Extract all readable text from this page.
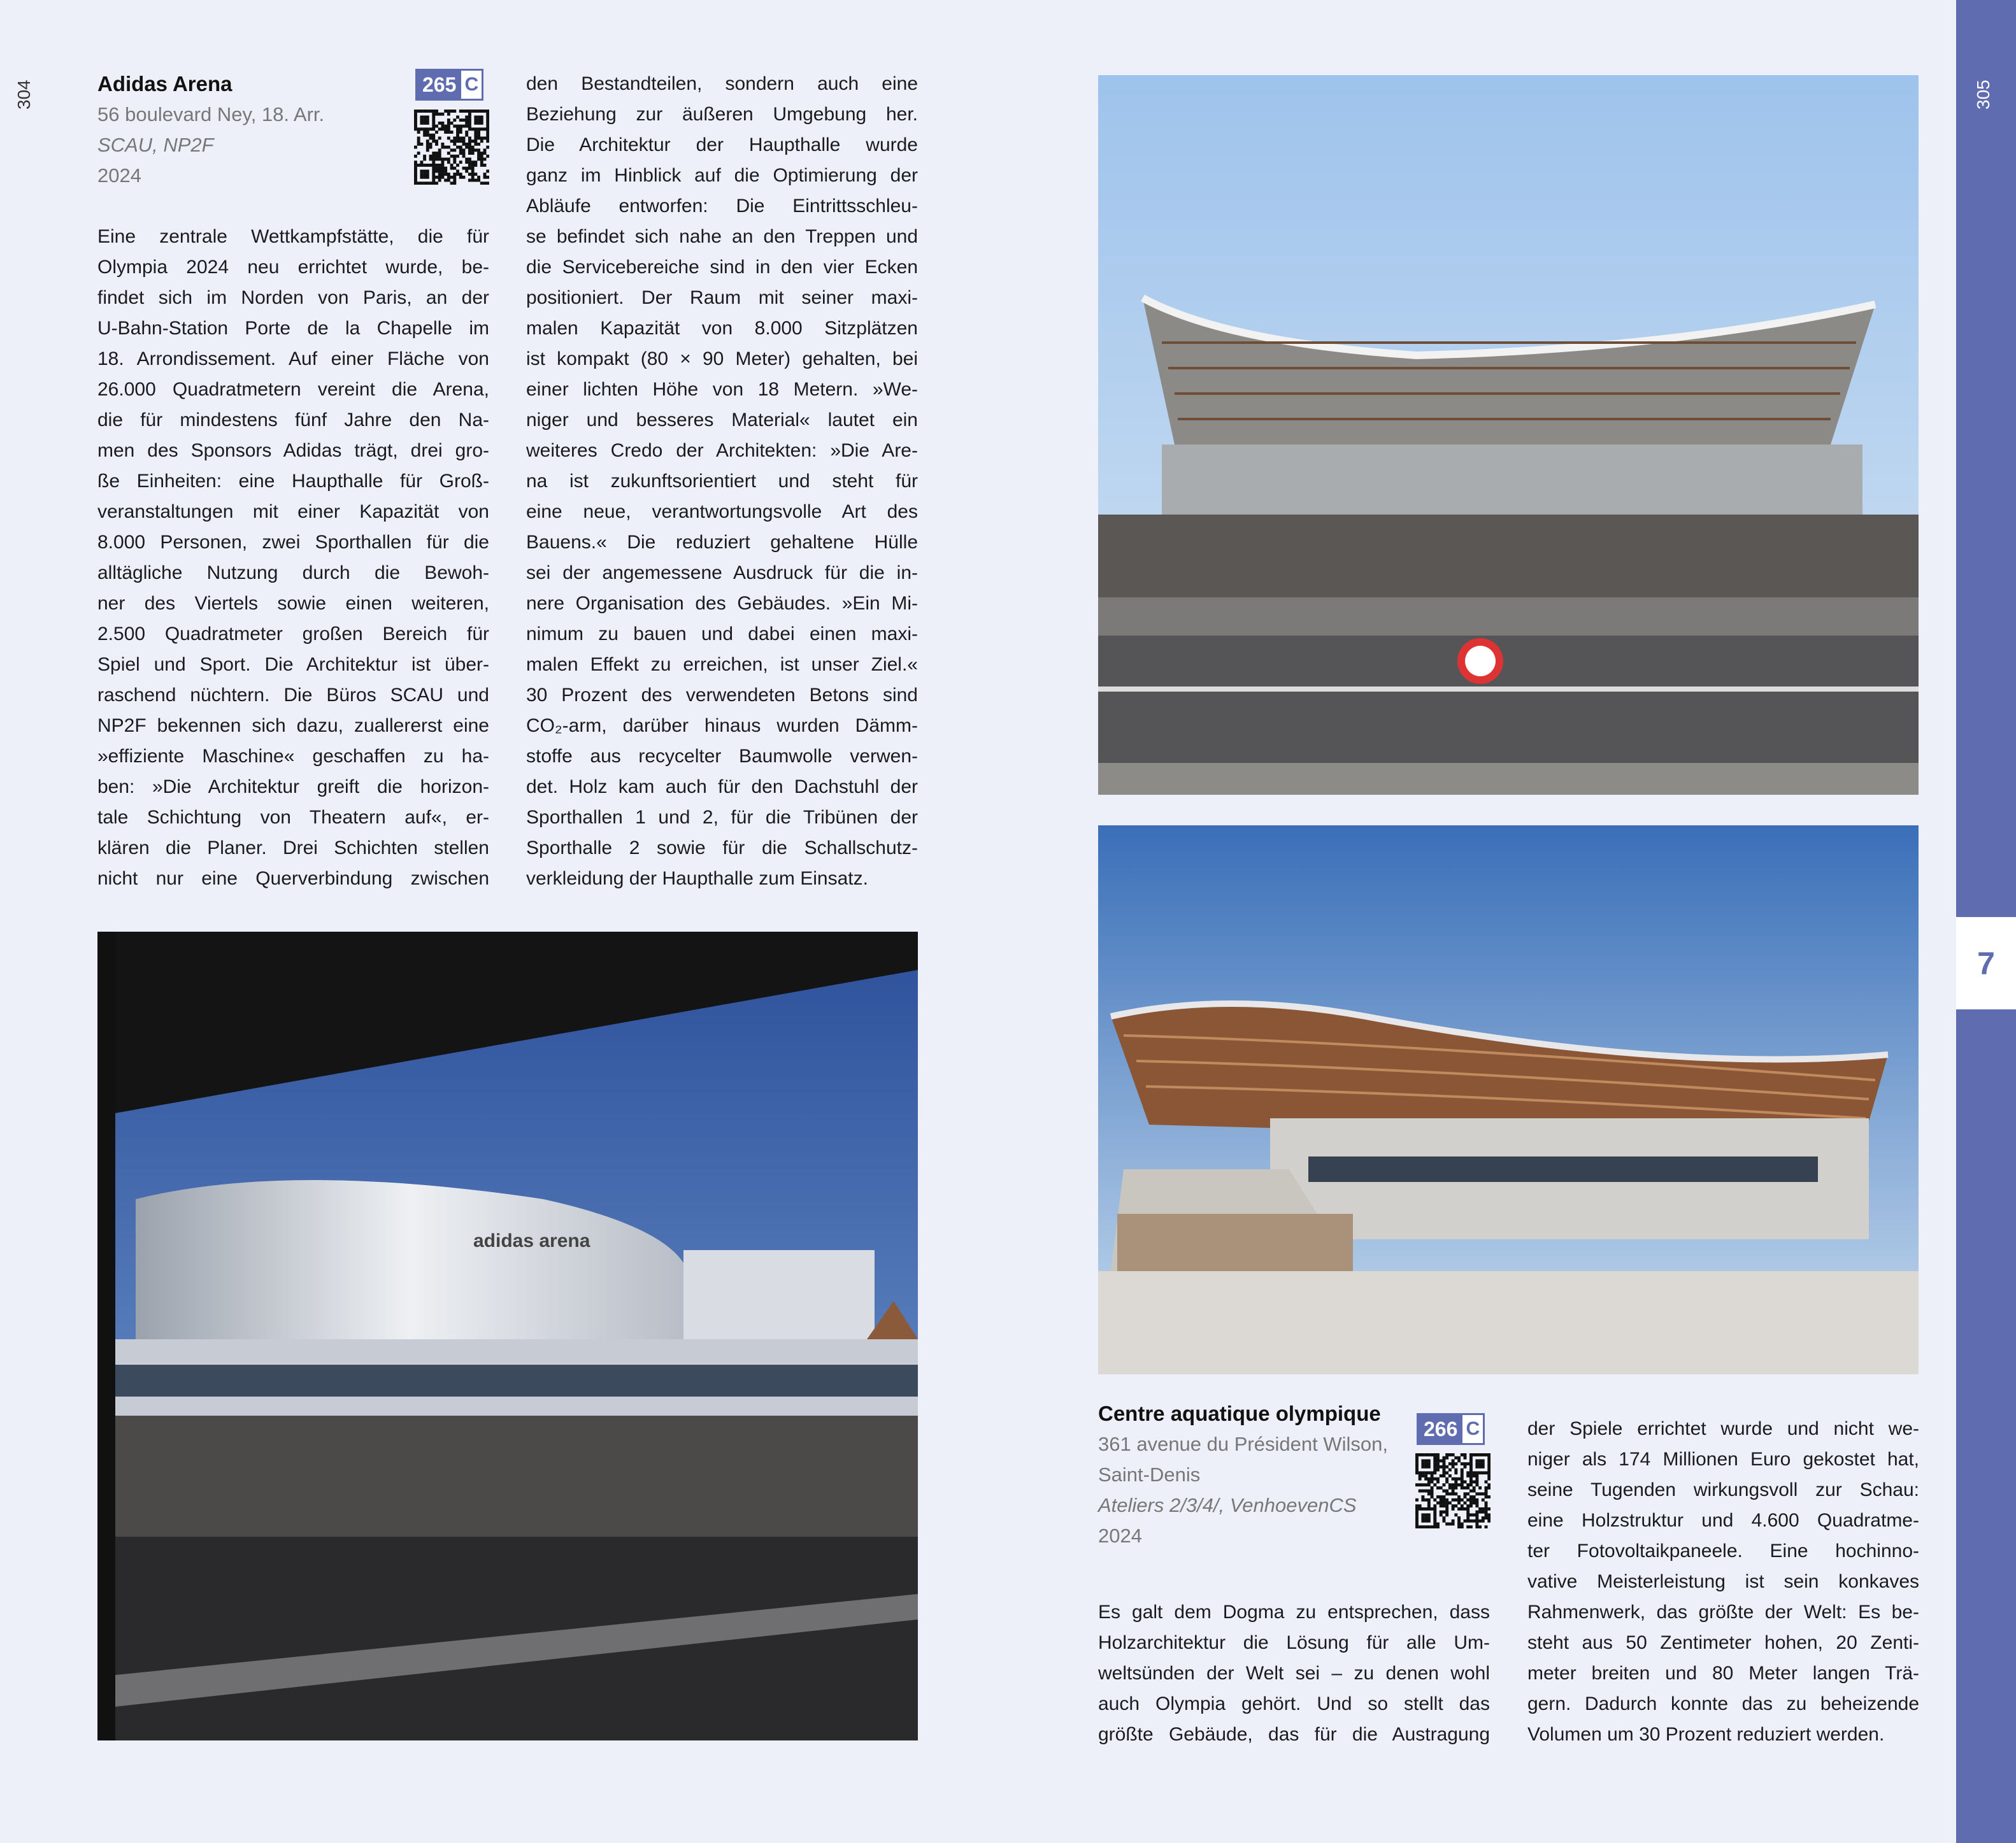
304	305
7
Adidas Arena
56 boulevard Ney, 18. Arr.
SCAU, NP2F
2024
265 C
Eine zentrale Wettkampfstätte, die für
Olympia 2024 neu errichtet wurde, be-
findet sich im Norden von Paris, an der
U-Bahn-Station Porte de la Chapelle im
18. Arrondissement. Auf einer Fläche von
26.000 Quadratmetern vereint die Arena,
die für mindestens fünf Jahre den Na-
men des Sponsors Adidas trägt, drei gro-
ße Einheiten: eine Haupthalle für Groß-
veranstaltungen mit einer Kapazität von
8.000 Personen, zwei Sporthallen für die
alltägliche Nutzung durch die Bewoh-
ner des Viertels sowie einen weiteren,
2.500 Quadratmeter großen Bereich für
Spiel und Sport. Die Architektur ist über-
raschend nüchtern. Die Büros SCAU und
NP2F bekennen sich dazu, zuallererst eine
»effiziente Maschine« geschaffen zu ha-
ben: »Die Architektur greift die horizon-
tale Schichtung von Theatern auf«, er-
klären die Planer. Drei Schichten stellen
nicht nur eine Querverbindung zwischen
den Bestandteilen, sondern auch eine
Beziehung zur äußeren Umgebung her.
Die Architektur der Haupthalle wurde
ganz im Hinblick auf die Optimierung der
Abläufe entworfen: Die Eintrittsschleu-
se befindet sich nahe an den Treppen und
die Servicebereiche sind in den vier Ecken
positioniert. Der Raum mit seiner maxi-
malen Kapazität von 8.000 Sitzplätzen
ist kompakt (80 × 90 Meter) gehalten, bei
einer lichten Höhe von 18 Metern. »We-
niger und besseres Material« lautet ein
weiteres Credo der Architekten: »Die Are-
na ist zukunftsorientiert und steht für
eine neue, verantwortungsvolle Art des
Bauens.« Die reduziert gehaltene Hülle
sei der angemessene Ausdruck für die in-
nere Organisation des Gebäudes. »Ein Mi-
nimum zu bauen und dabei einen maxi-
malen Effekt zu erreichen, ist unser Ziel.«
30 Prozent des verwendeten Betons sind
CO₂-arm, darüber hinaus wurden Dämm-
stoffe aus recycelter Baumwolle verwen-
det. Holz kam auch für den Dachstuhl der
Sporthallen 1 und 2, für die Tribünen der
Sporthalle 2 sowie für die Schallschutz-
verkleidung der Haupthalle zum Einsatz.
adidas arena
Centre aquatique olympique
361 avenue du Président Wilson,
Saint-Denis
Ateliers 2/3/4/, VenhoevenCS
2024
266 C
Es galt dem Dogma zu entsprechen, dass
Holzarchitektur die Lösung für alle Um-
weltsünden der Welt sei – zu denen wohl
auch Olympia gehört. Und so stellt das
größte Gebäude, das für die Austragung
der Spiele errichtet wurde und nicht we-
niger als 174 Millionen Euro gekostet hat,
seine Tugenden wirkungsvoll zur Schau:
eine Holzstruktur und 4.600 Quadratme-
ter Fotovoltaikpaneele. Eine hochinno-
vative Meisterleistung ist sein konkaves
Rahmenwerk, das größte der Welt: Es be-
steht aus 50 Zentimeter hohen, 20 Zenti-
meter breiten und 80 Meter langen Trä-
gern. Dadurch konnte das zu beheizende
Volumen um 30 Prozent reduziert werden.
